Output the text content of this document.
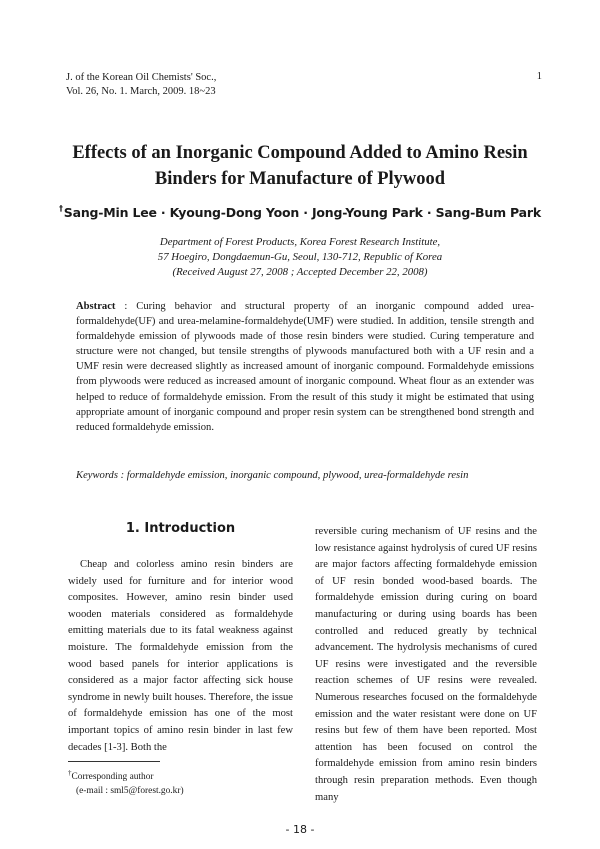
J. of the Korean Oil Chemists' Soc.,
Vol. 26, No. 1. March, 2009. 18~23
1
Effects of an Inorganic Compound Added to Amino Resin
Binders for Manufacture of Plywood
†Sang-Min Lee · Kyoung-Dong Yoon · Jong-Young Park · Sang-Bum Park
Department of Forest Products, Korea Forest Research Institute,
57 Hoegiro, Dongdaemun-Gu, Seoul, 130-712, Republic of Korea
(Received August 27, 2008 ; Accepted December 22, 2008)
Abstract : Curing behavior and structural property of an inorganic compound added urea-formaldehyde(UF) and urea-melamine-formaldehyde(UMF) were studied. In addition, tensile strength and formaldehyde emission of plywoods made of those resin binders were studied. Curing temperature and structure were not changed, but tensile strengths of plywoods manufactured both with a UF resin and a UMF resin were decreased slightly as increased amount of inorganic compound. Formaldehyde emissions from plywoods were reduced as increased amount of inorganic compound. Wheat flour as an extender was helped to reduce of formaldehyde emission. From the result of this study it might be estimated that using appropriate amount of inorganic compound and proper resin system can be strengthened bond strength and reduced formaldehyde emission.
Keywords : formaldehyde emission, inorganic compound, plywood, urea-formaldehyde resin
1. Introduction

Cheap and colorless amino resin binders are widely used for furniture and for interior wood composites. However, amino resin binder used wooden materials considered as formaldehyde emitting materials due to its fatal weakness against moisture. The formaldehyde emission from the wood based panels for interior applications is considered as a major factor affecting sick house syndrome in newly built houses. Therefore, the issue of formaldehyde emission has one of the most important topics of amino resin binder in last few decades [1-3]. Both the

reversible curing mechanism of UF resins and the low resistance against hydrolysis of cured UF resins are major factors affecting formaldehyde emission of UF resin bonded wood-based boards. The formaldehyde emission during curing on board manufacturing or during using boards has been controlled and reduced greatly by technical advancement. The hydrolysis mechanisms of cured UF resins were investigated and the reversible reaction schemes of UF resins were revealed. Numerous researches focused on the formaldehyde emission and the water resistant were done on UF resins but few of them have been reported. Most attention has been focused on control the formaldehyde emission from amino resin binders through resin preparation methods. Even though many

†Corresponding author
(e-mail : sml5@forest.go.kr)
- 18 -
